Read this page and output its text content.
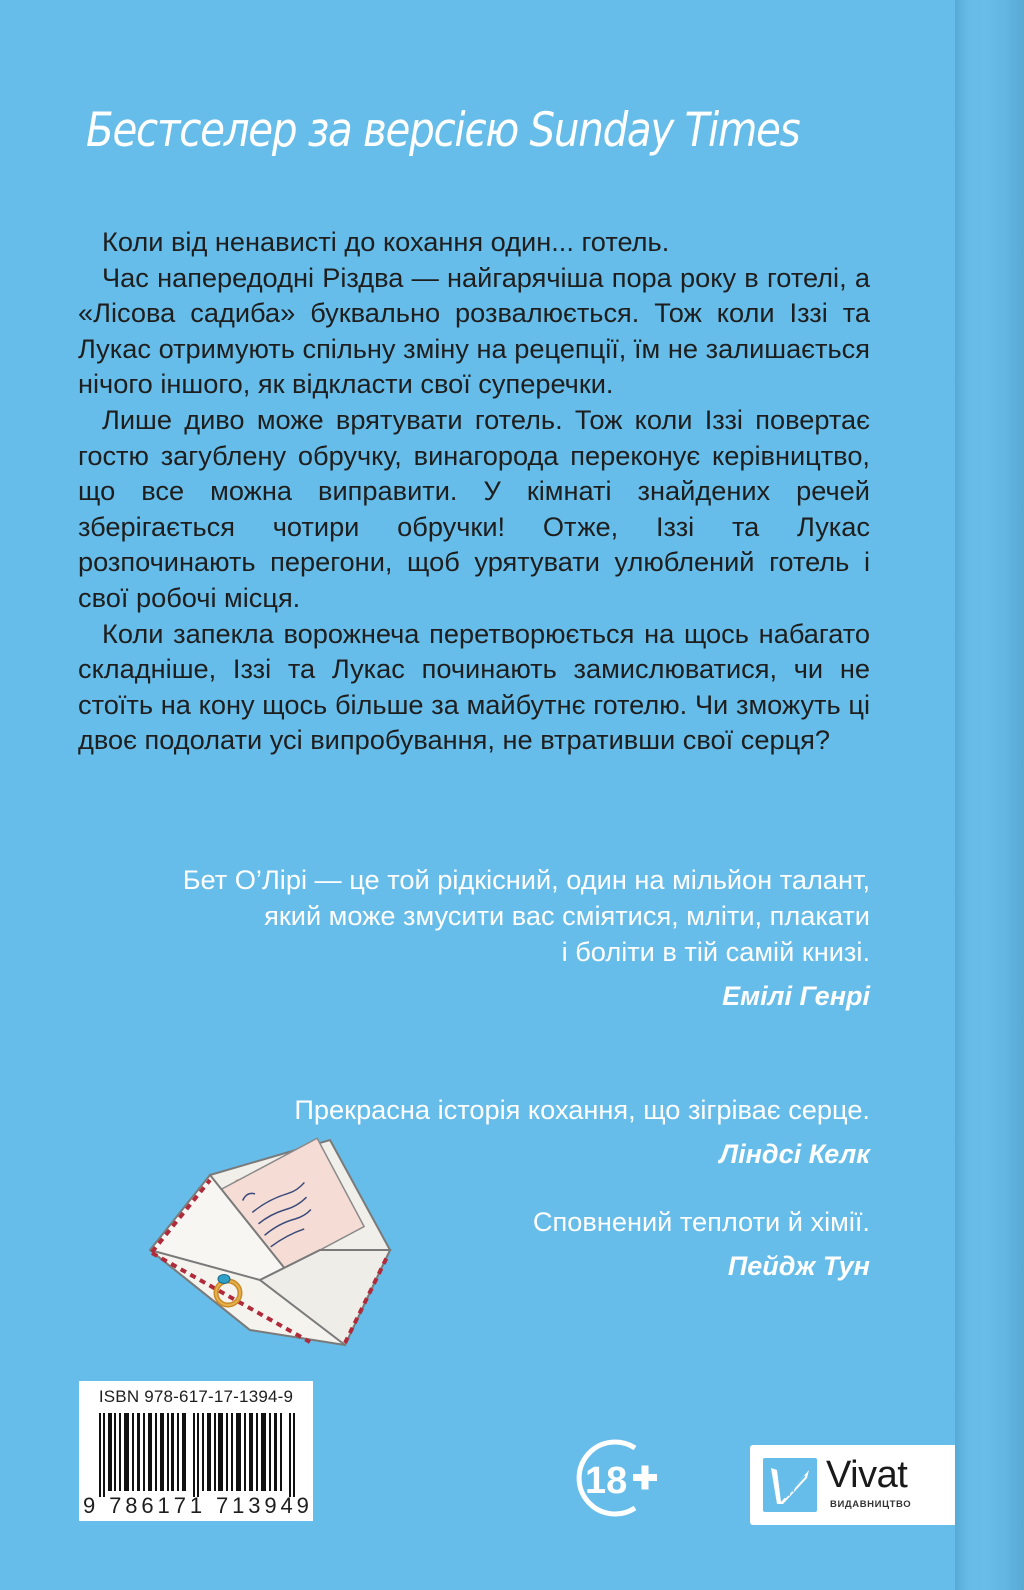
Бестселер за версією Sunday Times

Коли від ненависті до кохання один... готель.

Час напередодні Різдва — найгарячіша пора року в готелі, а «Лісова садиба» буквально розвалюється. Тож коли Іззі та Лукас отримують спільну зміну на рецепції, їм не залишається нічого іншого, як відкласти свої суперечки.

Лише диво може врятувати готель. Тож коли Іззі повертає гостю загублену обручку, винагорода переконує керівництво, що все можна виправити. У кімнаті знайдених речей зберігається чотири обручки! Отже, Іззі та Лукас розпочинають перегони, щоб урятувати улюблений готель і свої робочі місця.

Коли запекла ворожнеча перетворюється на щось набагато складніше, Іззі та Лукас починають замислюватися, чи не стоїть на кону щось більше за майбутнє готелю. Чи зможуть ці двоє подолати усі випробування, не втративши свої серця?

Бет О’Лірі — це той рідкісний, один на мільйон талант,
який може змусити вас сміятися, мліти, плакати
і боліти в тій самій книзі.
Емілі Генрі
Прекрасна історія кохання, що зігріває серце.
Ліндсі Келк
Сповнений теплоти й хімії.
Пейдж Тун
ISBN 978-617-17-1394-9
9 786171 713949
18	Vivat
ВИДАВНИЦТВО
